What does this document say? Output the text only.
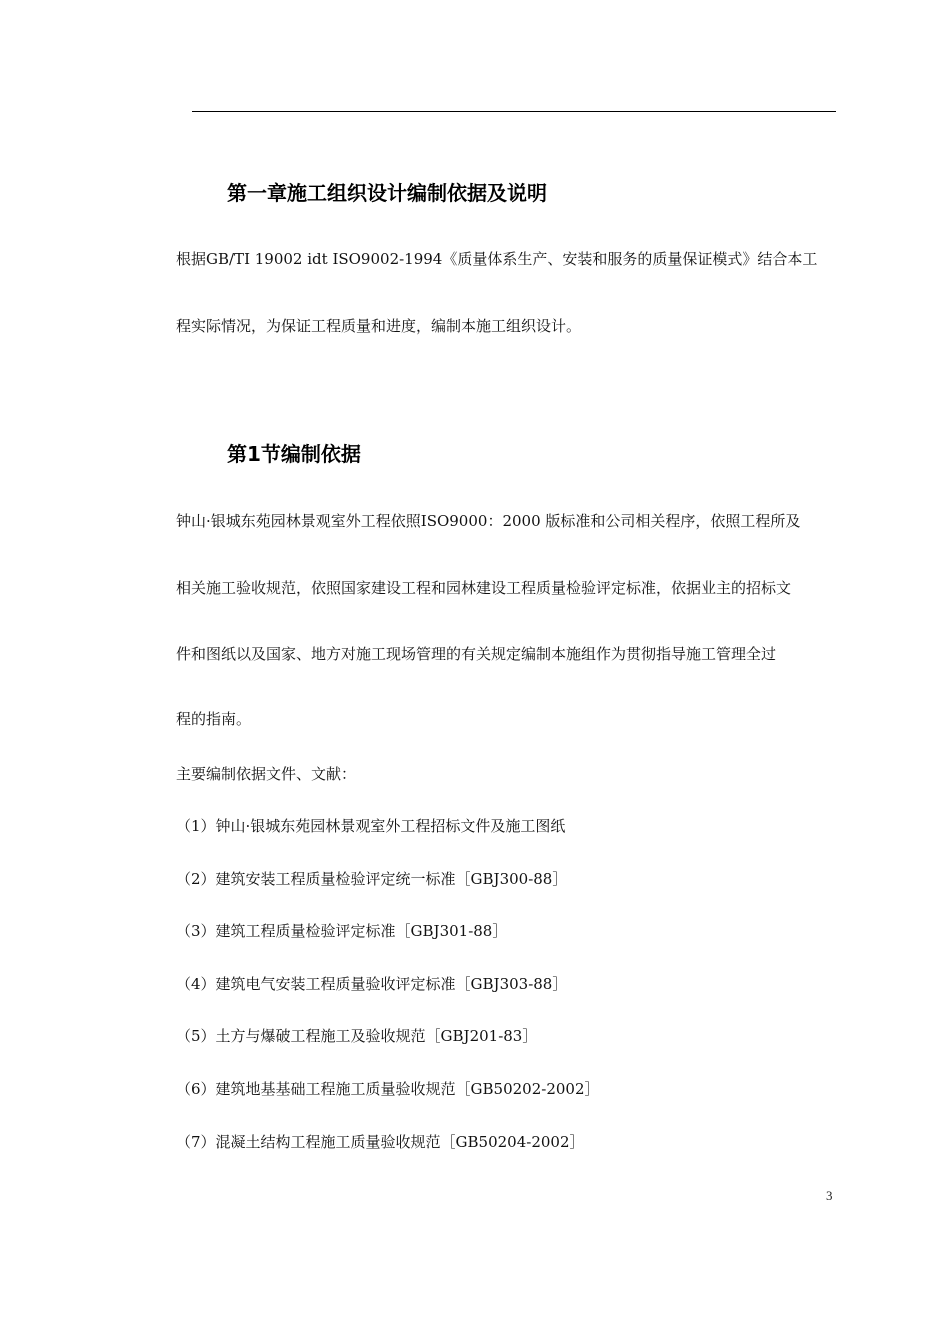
第一章施工组织设计编制依据及说明
根据GB/TI 19002 idt ISO9002-1994《质量体系生产、安装和服务的质量保证模式》结合本工
程实际情况，为保证工程质量和进度，编制本施工组织设计。
第1节编制依据
钟山·银城东苑园林景观室外工程依照ISO9000：2000 版标准和公司相关程序，依照工程所及
相关施工验收规范，依照国家建设工程和园林建设工程质量检验评定标准，依据业主的招标文
件和图纸以及国家、地方对施工现场管理的有关规定编制本施组作为贯彻指导施工管理全过
程的指南。
主要编制依据文件、文献：
（1）钟山·银城东苑园林景观室外工程招标文件及施工图纸
（2）建筑安装工程质量检验评定统一标准［GBJ300-88］
（3）建筑工程质量检验评定标准［GBJ301-88］
（4）建筑电气安装工程质量验收评定标准［GBJ303-88］
（5）土方与爆破工程施工及验收规范［GBJ201-83］
（6）建筑地基基础工程施工质量验收规范［GB50202-2002］
（7）混凝土结构工程施工质量验收规范［GB50204-2002］
3
